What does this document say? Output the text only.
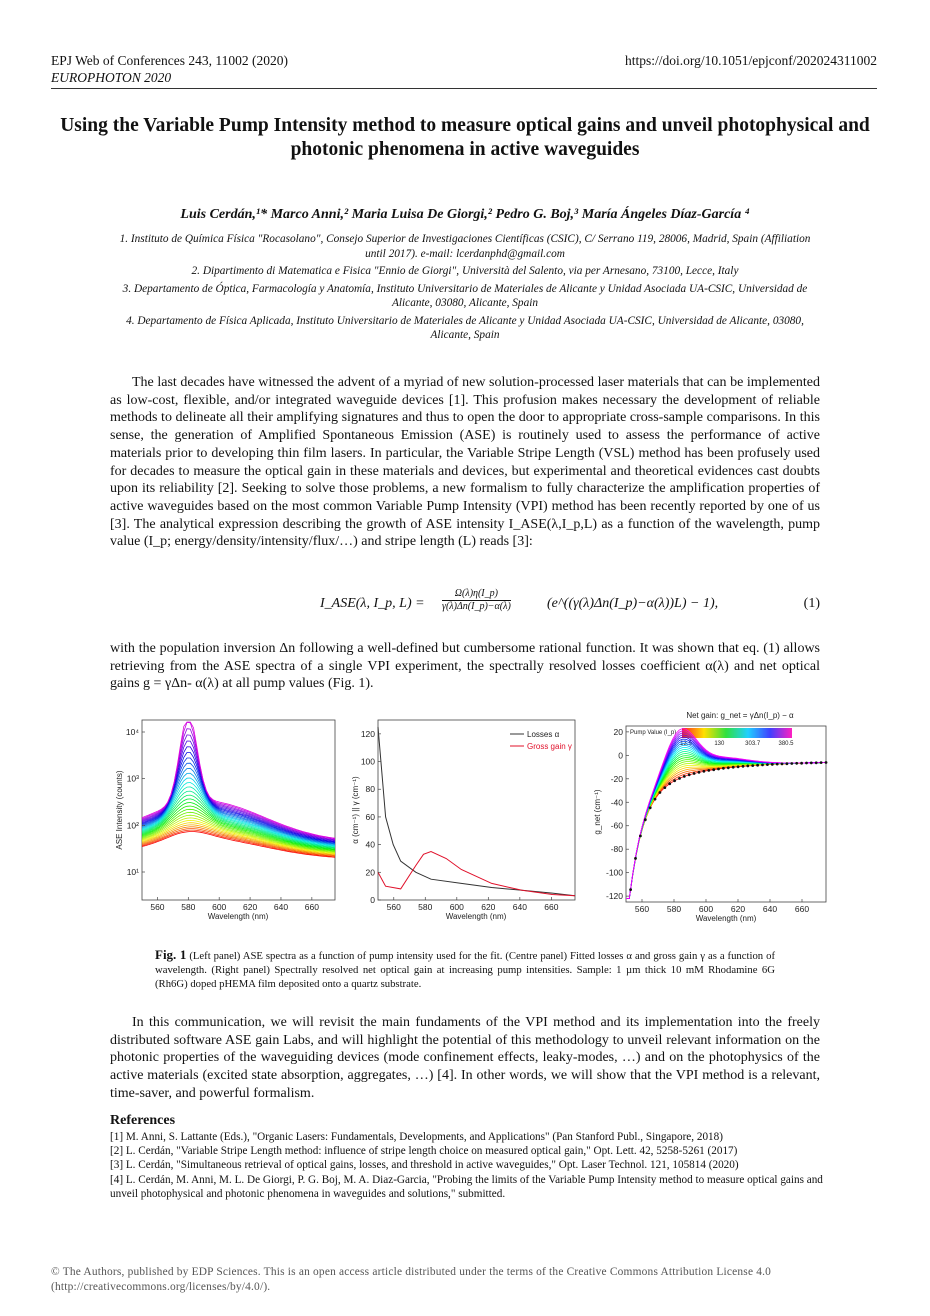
EPJ Web of Conferences 243, 11002 (2020)
EUROPHOTON 2020
https://doi.org/10.1051/epjconf/202024311002
Using the Variable Pump Intensity method to measure optical gains and unveil photophysical and photonic phenomena in active waveguides
Luis Cerdán,¹* Marco Anni,² Maria Luisa De Giorgi,² Pedro G. Boj,³ María Ángeles Díaz-García ⁴
1. Instituto de Química Física "Rocasolano", Consejo Superior de Investigaciones Científicas (CSIC), C/ Serrano 119, 28006, Madrid, Spain (Affiliation until 2017). e-mail: lcerdanphd@gmail.com
2. Dipartimento di Matematica e Fisica "Ennio de Giorgi", Università del Salento, via per Arnesano, 73100, Lecce, Italy
3. Departamento de Óptica, Farmacología y Anatomía, Instituto Universitario de Materiales de Alicante y Unidad Asociada UA-CSIC, Universidad de Alicante, 03080, Alicante, Spain
4. Departamento de Física Aplicada, Instituto Universitario de Materiales de Alicante y Unidad Asociada UA-CSIC, Universidad de Alicante, 03080, Alicante, Spain
The last decades have witnessed the advent of a myriad of new solution-processed laser materials that can be implemented as low-cost, flexible, and/or integrated waveguide devices [1]. This profusion makes necessary the development of reliable methods to delineate all their amplifying signatures and thus to open the door to appropriate cross-sample comparisons. In this sense, the generation of Amplified Spontaneous Emission (ASE) is routinely used to assess the performance of active materials prior to developing thin film lasers. In particular, the Variable Stripe Length (VSL) method has been profusely used for decades to measure the optical gain in these materials and devices, but experimental and theoretical evidences cast doubts upon its reliability [2]. Seeking to solve those problems, a new formalism to fully characterize the amplification properties of active waveguides based on the most common Variable Pump Intensity (VPI) method has been recently reported by one of us [3]. The analytical expression describing the growth of ASE intensity I_ASE(λ,I_p,L) as a function of the wavelength, pump value (I_p; energy/density/intensity/flux/…) and stripe length (L) reads [3]:
I_ASE(λ, I_p, $L) = \frac{\Omega(\lambda)\eta(I\_p)}{\gamma(\lambda)\Delta n(I\_p)-\alpha(\lambda)}$	(e^((γ(λ)Δn(I_p)−α(λ))L) − 1),	(1)
with the population inversion Δn following a well-defined but cumbersome rational function. It was shown that eq. (1) allows retrieving from the ASE spectra of a single VPI experiment, the spectrally resolved losses coefficient α(λ) and net optical gains g = γΔn- α(λ) at all pump values (Fig. 1).
560 580 600 620 640 660
10⁴
10³
10²
10¹
Wavelength (nm)
ASE Intensity (counts)
560 580 600 620 640 660
0
20
40
60
80
100
120	Losses α
Gross gain γ
Wavelength (nm)
α (cm⁻¹) || γ (cm⁻¹)
Net gain: g_net = γΔn(I_p) − α
Pump Value (I_p)
13.5	130	303.7	380.5
560 580 600 620 640 660
20
0
-20
-40
-60
-80
-100
-120
Wavelength (nm)
g_net (cm⁻¹)
Fig. 1 (Left panel) ASE spectra as a function of pump intensity used for the fit. (Centre panel) Fitted losses α and gross gain γ as a function of wavelength. (Right panel) Spectrally resolved net optical gain at increasing pump intensities. Sample: 1 µm thick 10 mM Rhodamine 6G (Rh6G) doped pHEMA film deposited onto a quartz substrate.
In this communication, we will revisit the main fundaments of the VPI method and its implementation into the freely distributed software ASE gain Labs, and will highlight the potential of this methodology to unveil relevant information on the photonic properties of the waveguiding devices (mode confinement effects, leaky-modes, …) and on the photophysics of the active materials (excited state absorption, aggregates, …) [4]. In other words, we will show that the VPI method is a relevant, time-saver, and powerful formalism.
References
[1] M. Anni, S. Lattante (Eds.), "Organic Lasers: Fundamentals, Developments, and Applications" (Pan Stanford Publ., Singapore, 2018)
[2] L. Cerdán, "Variable Stripe Length method: influence of stripe length choice on measured optical gain," Opt. Lett. 42, 5258-5261 (2017)
[3] L. Cerdán, "Simultaneous retrieval of optical gains, losses, and threshold in active waveguides," Opt. Laser Technol. 121, 105814 (2020)
[4] L. Cerdán, M. Anni, M. L. De Giorgi, P. G. Boj, M. A. Diaz-Garcia, "Probing the limits of the Variable Pump Intensity method to measure optical gains and unveil photophysical and photonic phenomena in waveguides and solutions," submitted.
© The Authors, published by EDP Sciences. This is an open access article distributed under the terms of the Creative Commons Attribution License 4.0 (http://creativecommons.org/licenses/by/4.0/).
